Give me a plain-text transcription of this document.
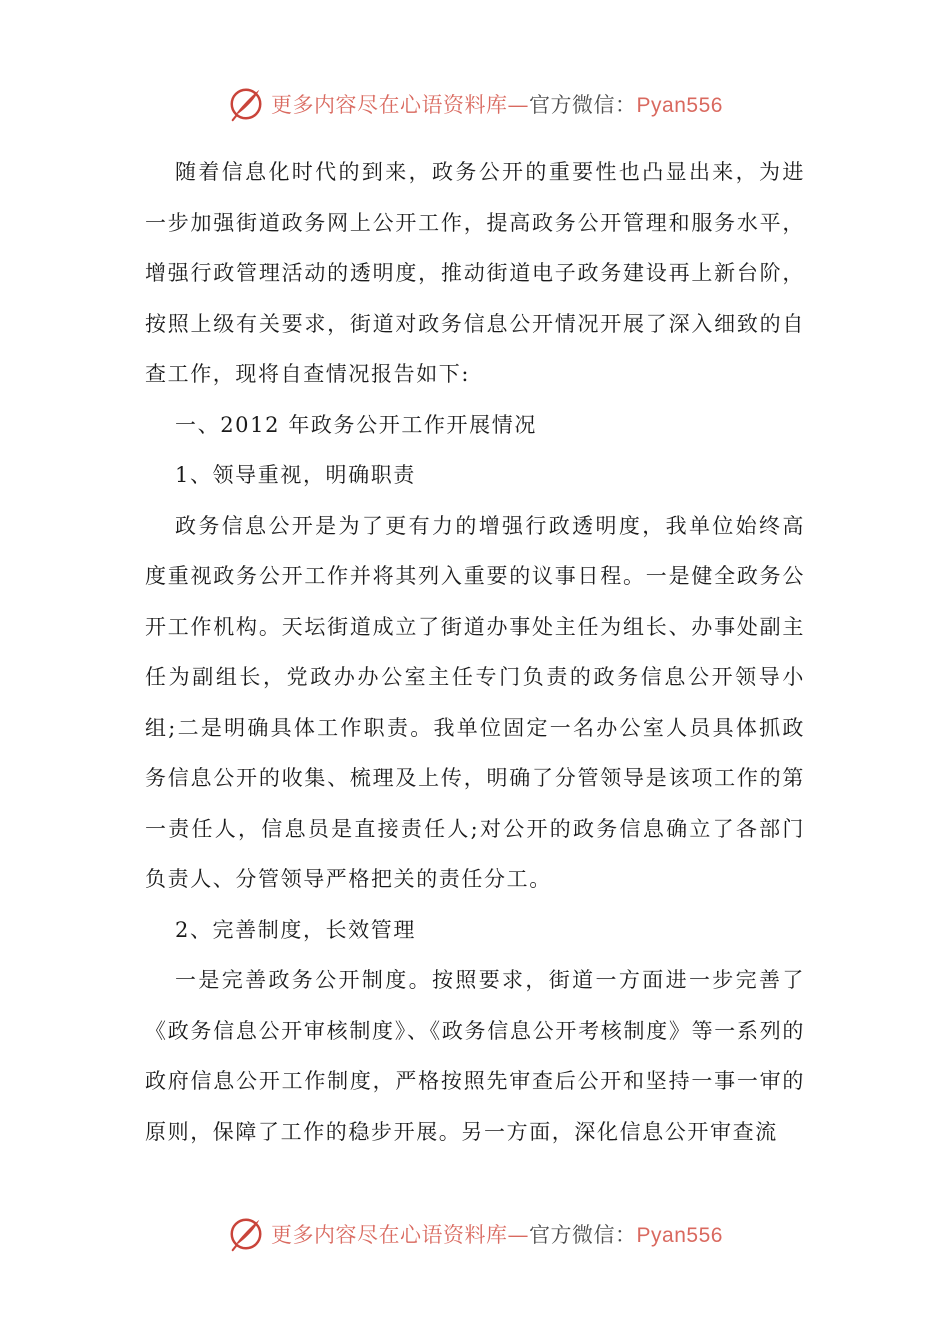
更多内容尽在心语资料库—官方微信：Pyan556

随着信息化时代的到来，政务公开的重要性也凸显出来，为进一步加强街道政务网上公开工作，提高政务公开管理和服务水平，增强行政管理活动的透明度，推动街道电子政务建设再上新台阶，按照上级有关要求，街道对政务信息公开情况开展了深入细致的自查工作，现将自查情况报告如下:

一、2012 年政务公开工作开展情况

1、领导重视，明确职责

政务信息公开是为了更有力的增强行政透明度，我单位始终高度重视政务公开工作并将其列入重要的议事日程。一是健全政务公开工作机构。天坛街道成立了街道办事处主任为组长、办事处副主任为副组长，党政办办公室主任专门负责的政务信息公开领导小组;二是明确具体工作职责。我单位固定一名办公室人员具体抓政务信息公开的收集、梳理及上传，明确了分管领导是该项工作的第一责任人，信息员是直接责任人;对公开的政务信息确立了各部门负责人、分管领导严格把关的责任分工。

2、完善制度，长效管理

一是完善政务公开制度。按照要求，街道一方面进一步完善了《政务信息公开审核制度》、《政务信息公开考核制度》等一系列的政府信息公开工作制度，严格按照先审查后公开和坚持一事一审的原则，保障了工作的稳步开展。另一方面，深化信息公开审查流

更多内容尽在心语资料库—官方微信：Pyan556
